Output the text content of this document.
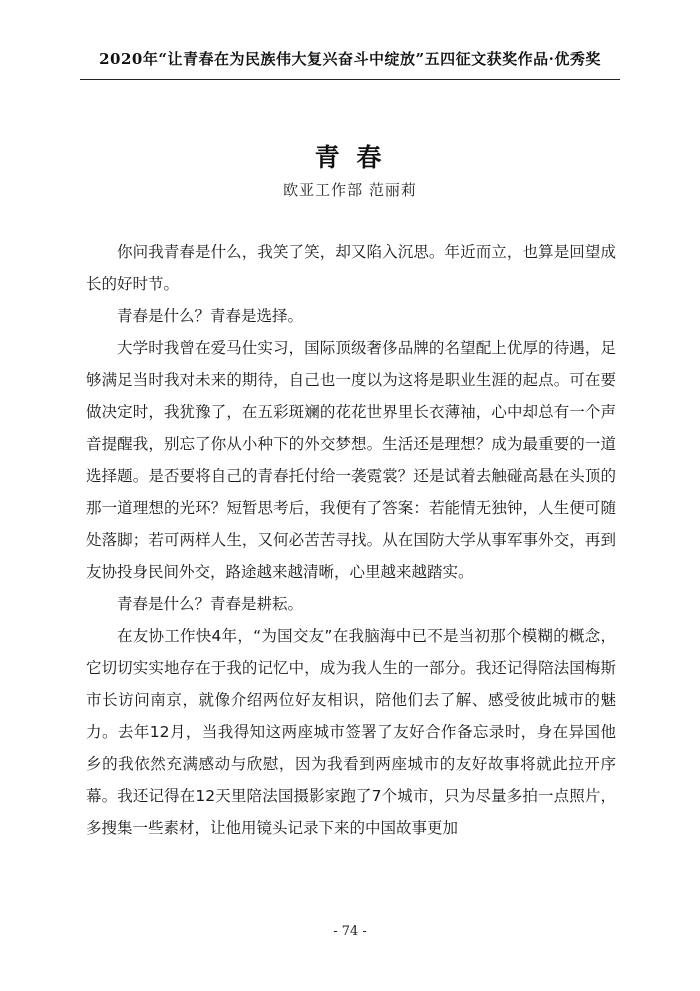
2020年“让青春在为民族伟大复兴奋斗中绽放”五四征文获奖作品·优秀奖
青 春
欧亚工作部 范丽莉

你问我青春是什么，我笑了笑，却又陷入沉思。年近而立，也算是回望成长的好时节。

青春是什么？青春是选择。

大学时我曾在爱马仕实习，国际顶级奢侈品牌的名望配上优厚的待遇，足够满足当时我对未来的期待，自己也一度以为这将是职业生涯的起点。可在要做决定时，我犹豫了，在五彩斑斓的花花世界里长衣薄袖，心中却总有一个声音提醒我，别忘了你从小种下的外交梦想。生活还是理想？成为最重要的一道选择题。是否要将自己的青春托付给一袭霓裳？还是试着去触碰高悬在头顶的那一道理想的光环？短暂思考后，我便有了答案：若能情无独钟，人生便可随处落脚；若可两样人生，又何必苦苦寻找。从在国防大学从事军事外交，再到友协投身民间外交，路途越来越清晰，心里越来越踏实。

青春是什么？青春是耕耘。

在友协工作快4年，“为国交友”在我脑海中已不是当初那个模糊的概念，它切切实实地存在于我的记忆中，成为我人生的一部分。我还记得陪法国梅斯市长访问南京，就像介绍两位好友相识，陪他们去了解、感受彼此城市的魅力。去年12月，当我得知这两座城市签署了友好合作备忘录时，身在异国他乡的我依然充满感动与欣慰，因为我看到两座城市的友好故事将就此拉开序幕。我还记得在12天里陪法国摄影家跑了7个城市，只为尽量多拍一点照片，多搜集一些素材，让他用镜头记录下来的中国故事更加

- 74 -
